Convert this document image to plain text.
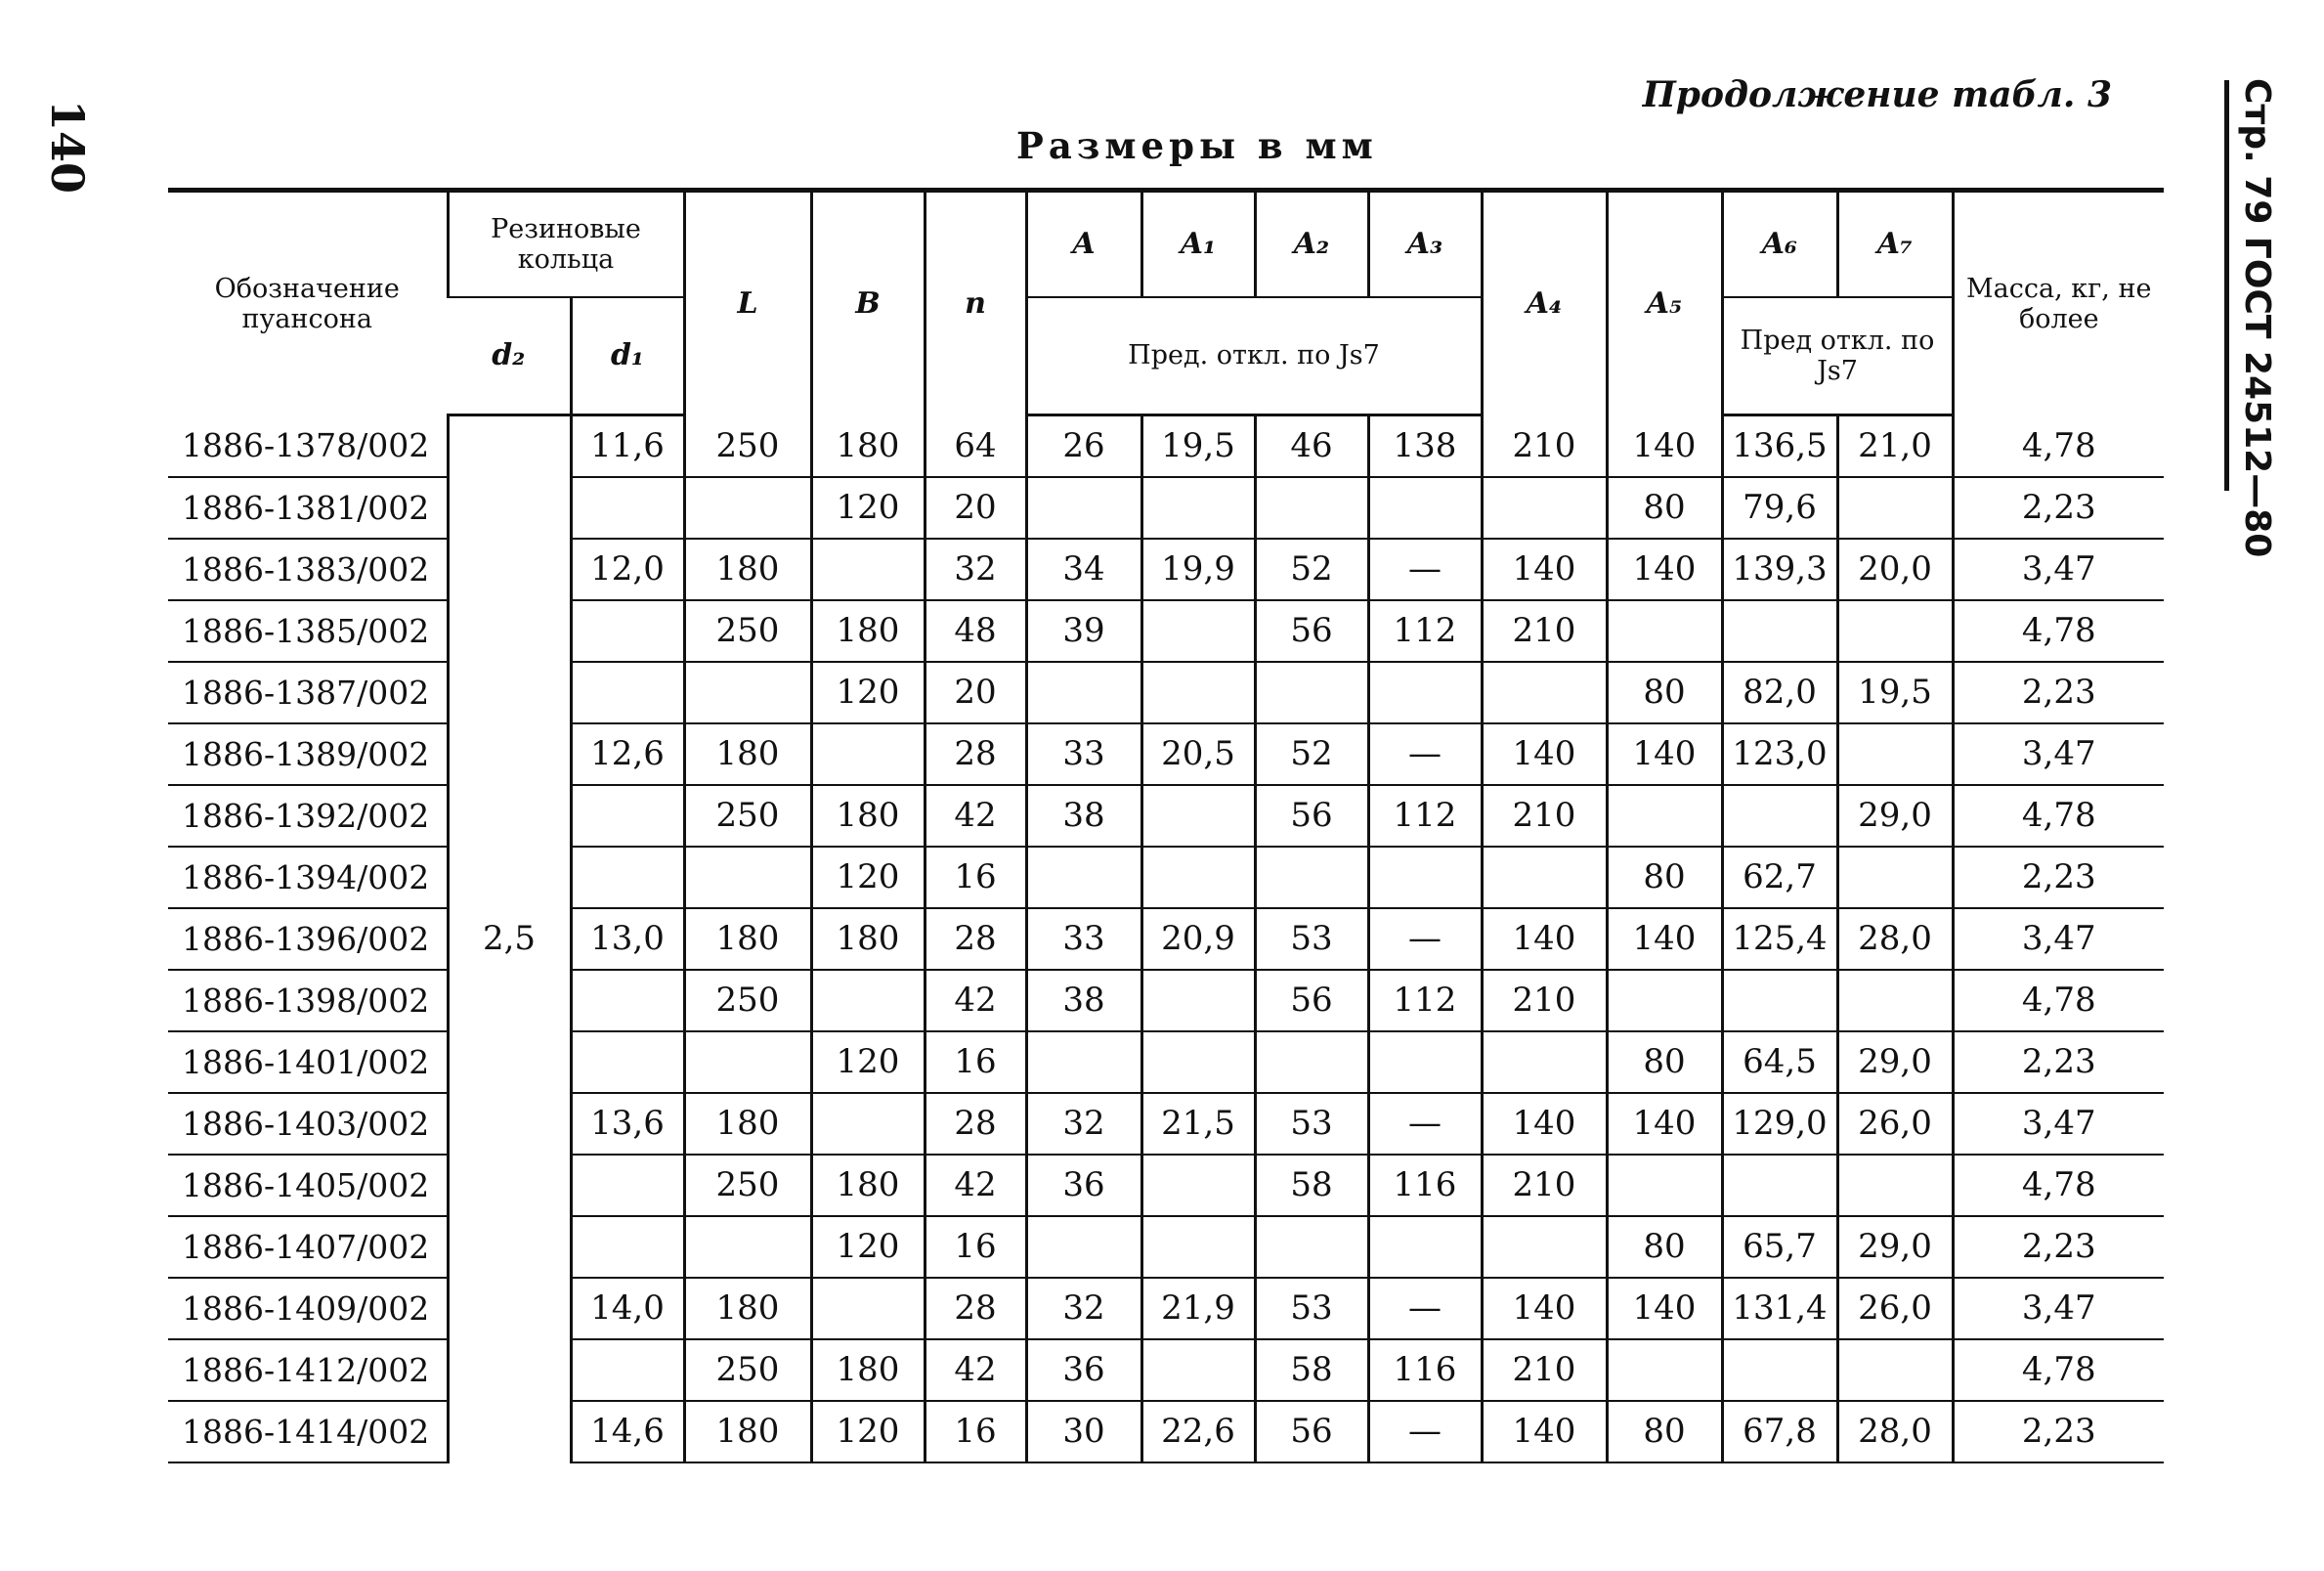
140
Продолжение табл. 3
Размеры в мм	Стр. 79 ГОСТ 24512—80
Обозначение пуансона	Резиновые кольца		L	B	n	A	A₁	A₂	A₃	A₄	A₅	A₆	A₇	Масса, кг, не более
	d₂	d₁				Пред. откл. по Js7						Пред откл. по Js7		
1886-1378/002		11,6	250	180	64	26	19,5	46	138	210	140	136,5	21,0	4,78
1886-1381/002				120	20						80	79,6		2,23
1886-1383/002		12,0	180		32	34	19,9	52	—	140	140	139,3	20,0	3,47
1886-1385/002			250	180	48	39		56	112	210				4,78
1886-1387/002				120	20						80	82,0	19,5	2,23
1886-1389/002		12,6	180		28	33	20,5	52	—	140	140	123,0		3,47
1886-1392/002			250	180	42	38		56	112	210			29,0	4,78
1886-1394/002				120	16						80	62,7		2,23
1886-1396/002	2,5	13,0	180	180	28	33	20,9	53	—	140	140	125,4	28,0	3,47
1886-1398/002			250		42	38		56	112	210				4,78
1886-1401/002				120	16						80	64,5	29,0	2,23
1886-1403/002		13,6	180		28	32	21,5	53	—	140	140	129,0	26,0	3,47
1886-1405/002			250	180	42	36		58	116	210				4,78
1886-1407/002				120	16						80	65,7	29,0	2,23
1886-1409/002		14,0	180		28	32	21,9	53	—	140	140	131,4	26,0	3,47
1886-1412/002			250	180	42	36		58	116	210				4,78
1886-1414/002		14,6	180	120	16	30	22,6	56	—	140	80	67,8	28,0	2,23
